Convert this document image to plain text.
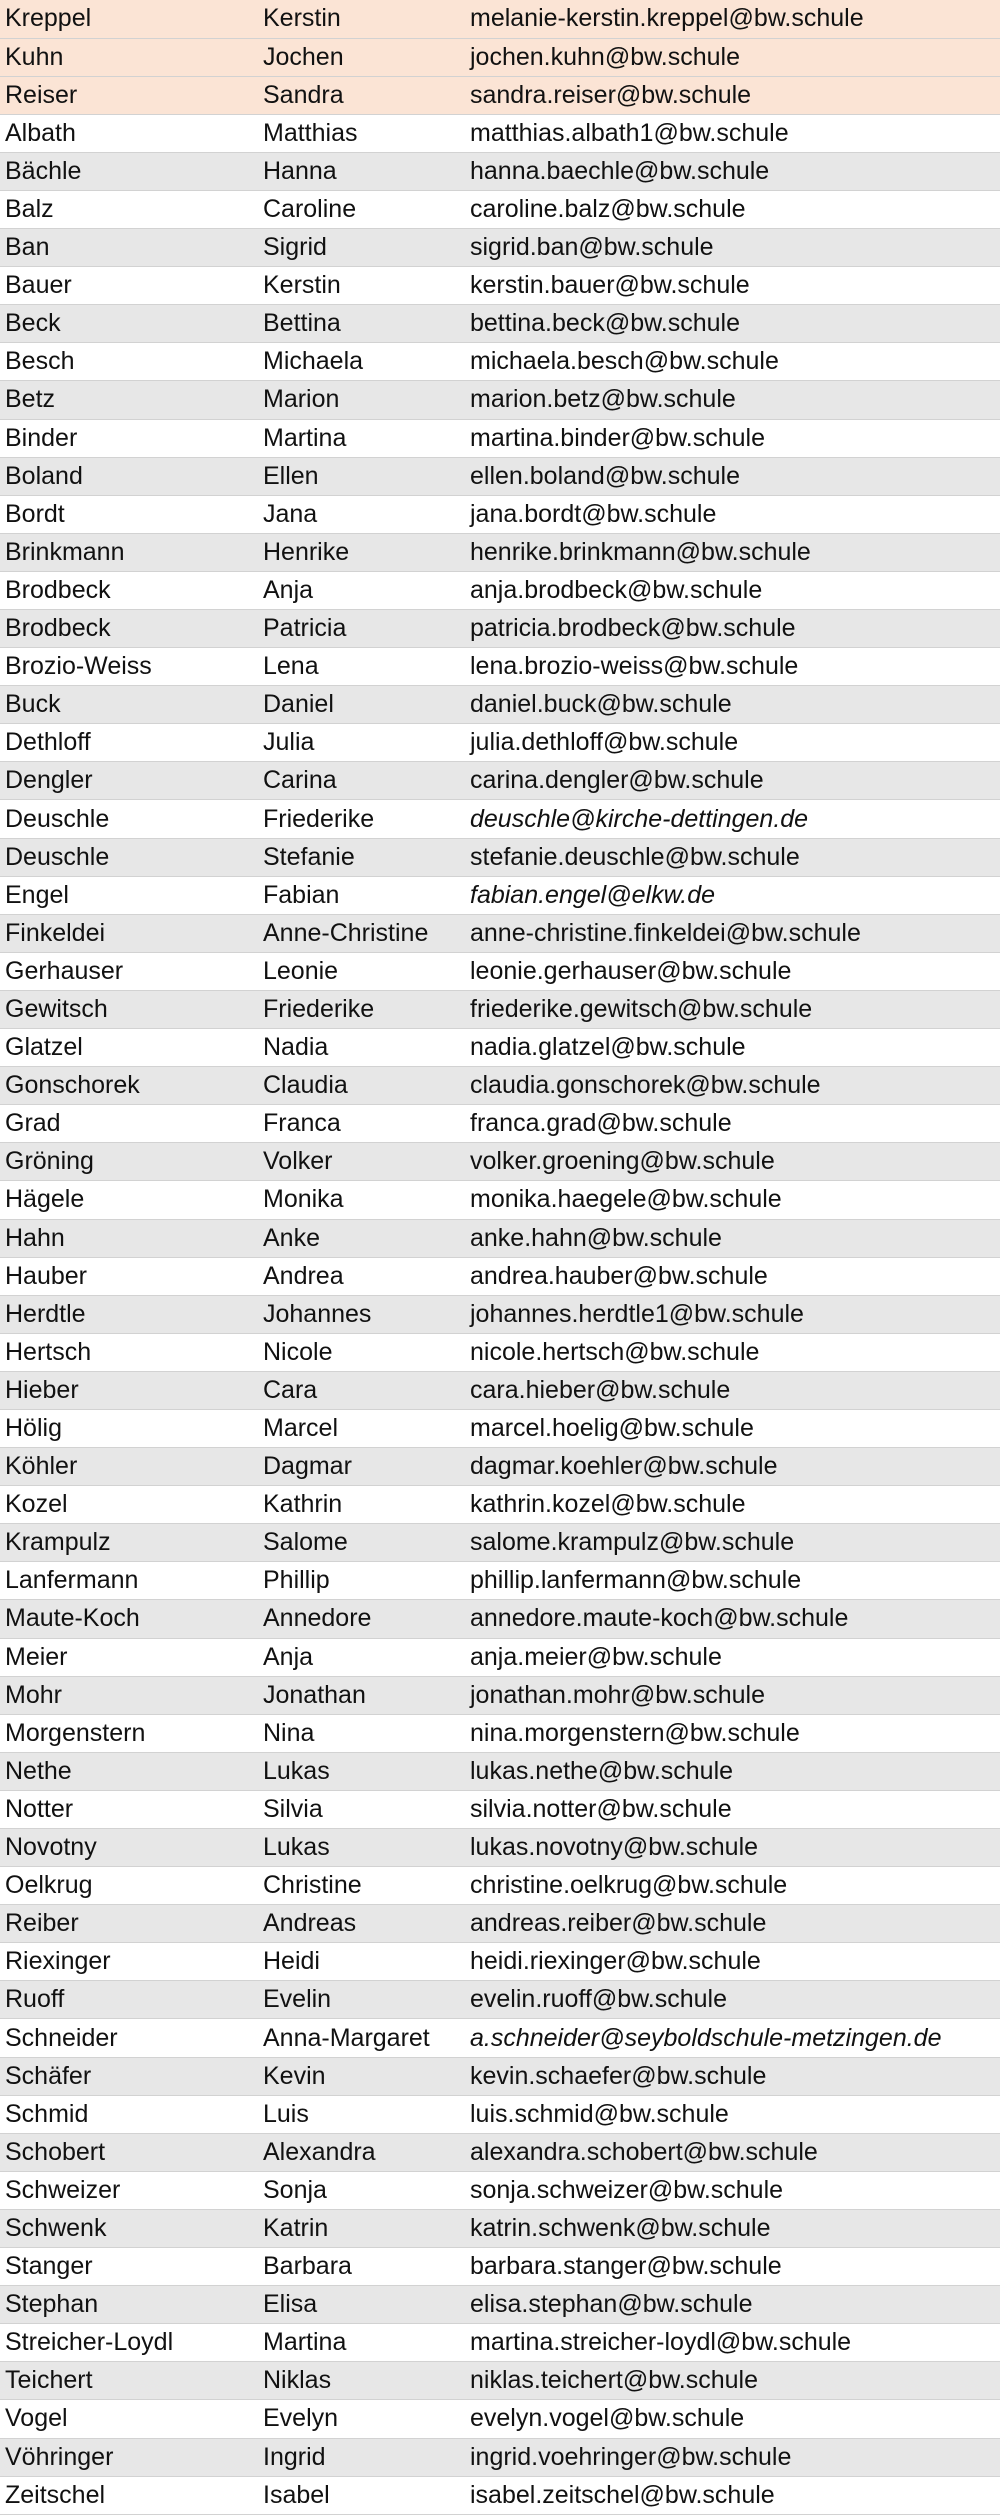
Kreppel	Kerstin	melanie-kerstin.kreppel@bw.schule
Kuhn	Jochen	jochen.kuhn@bw.schule
Reiser	Sandra	sandra.reiser@bw.schule
Albath	Matthias	matthias.albath1@bw.schule
Bächle	Hanna	hanna.baechle@bw.schule
Balz	Caroline	caroline.balz@bw.schule
Ban	Sigrid	sigrid.ban@bw.schule
Bauer	Kerstin	kerstin.bauer@bw.schule
Beck	Bettina	bettina.beck@bw.schule
Besch	Michaela	michaela.besch@bw.schule
Betz	Marion	marion.betz@bw.schule
Binder	Martina	martina.binder@bw.schule
Boland	Ellen	ellen.boland@bw.schule
Bordt	Jana	jana.bordt@bw.schule
Brinkmann	Henrike	henrike.brinkmann@bw.schule
Brodbeck	Anja	anja.brodbeck@bw.schule
Brodbeck	Patricia	patricia.brodbeck@bw.schule
Brozio-Weiss	Lena	lena.brozio-weiss@bw.schule
Buck	Daniel	daniel.buck@bw.schule
Dethloff	Julia	julia.dethloff@bw.schule
Dengler	Carina	carina.dengler@bw.schule
Deuschle	Friederike	deuschle@kirche-dettingen.de
Deuschle	Stefanie	stefanie.deuschle@bw.schule
Engel	Fabian	fabian.engel@elkw.de
Finkeldei	Anne-Christine	anne-christine.finkeldei@bw.schule
Gerhauser	Leonie	leonie.gerhauser@bw.schule
Gewitsch	Friederike	friederike.gewitsch@bw.schule
Glatzel	Nadia	nadia.glatzel@bw.schule
Gonschorek	Claudia	claudia.gonschorek@bw.schule
Grad	Franca	franca.grad@bw.schule
Gröning	Volker	volker.groening@bw.schule
Hägele	Monika	monika.haegele@bw.schule
Hahn	Anke	anke.hahn@bw.schule
Hauber	Andrea	andrea.hauber@bw.schule
Herdtle	Johannes	johannes.herdtle1@bw.schule
Hertsch	Nicole	nicole.hertsch@bw.schule
Hieber	Cara	cara.hieber@bw.schule
Hölig	Marcel	marcel.hoelig@bw.schule
Köhler	Dagmar	dagmar.koehler@bw.schule
Kozel	Kathrin	kathrin.kozel@bw.schule
Krampulz	Salome	salome.krampulz@bw.schule
Lanfermann	Phillip	phillip.lanfermann@bw.schule
Maute-Koch	Annedore	annedore.maute-koch@bw.schule
Meier	Anja	anja.meier@bw.schule
Mohr	Jonathan	jonathan.mohr@bw.schule
Morgenstern	Nina	nina.morgenstern@bw.schule
Nethe	Lukas	lukas.nethe@bw.schule
Notter	Silvia	silvia.notter@bw.schule
Novotny	Lukas	lukas.novotny@bw.schule
Oelkrug	Christine	christine.oelkrug@bw.schule
Reiber	Andreas	andreas.reiber@bw.schule
Riexinger	Heidi	heidi.riexinger@bw.schule
Ruoff	Evelin	evelin.ruoff@bw.schule
Schneider	Anna-Margaret	a.schneider@seyboldschule-metzingen.de
Schäfer	Kevin	kevin.schaefer@bw.schule
Schmid	Luis	luis.schmid@bw.schule
Schobert	Alexandra	alexandra.schobert@bw.schule
Schweizer	Sonja	sonja.schweizer@bw.schule
Schwenk	Katrin	katrin.schwenk@bw.schule
Stanger	Barbara	barbara.stanger@bw.schule
Stephan	Elisa	elisa.stephan@bw.schule
Streicher-Loydl	Martina	martina.streicher-loydl@bw.schule
Teichert	Niklas	niklas.teichert@bw.schule
Vogel	Evelyn	evelyn.vogel@bw.schule
Vöhringer	Ingrid	ingrid.voehringer@bw.schule
Zeitschel	Isabel	isabel.zeitschel@bw.schule
